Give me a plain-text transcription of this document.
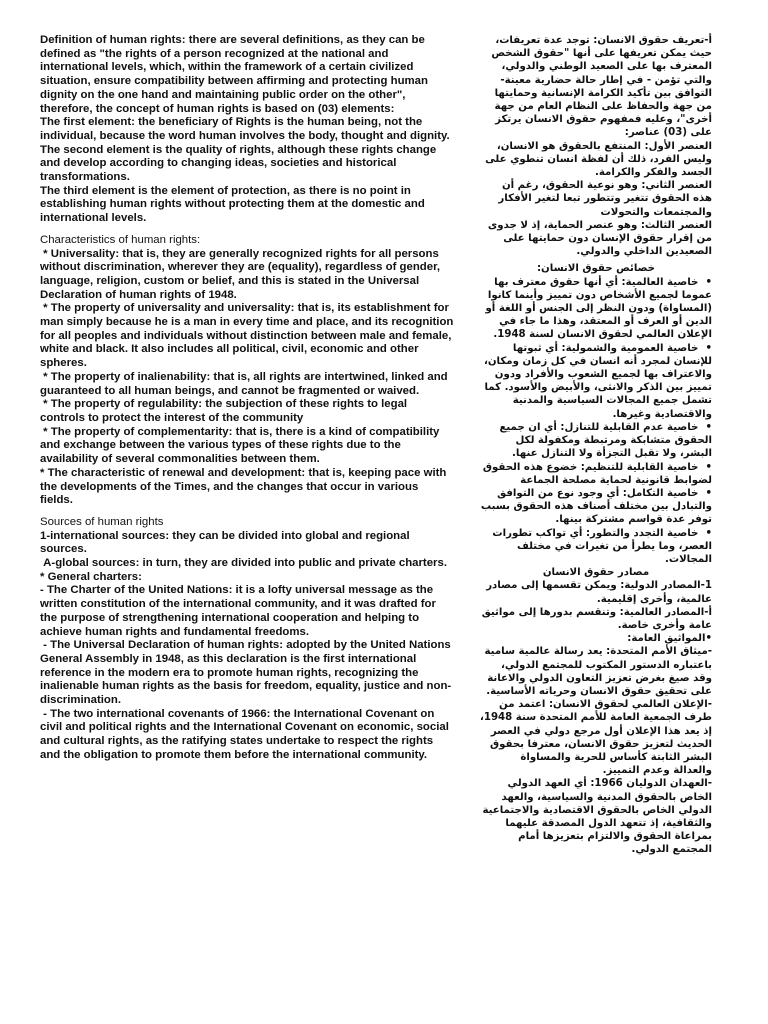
Definition of human rights: there are several definitions, as they can be defined as "the rights of a person recognized at the national and international levels, which, within the framework of a certain civilized situation, ensure compatibility between affirming and protecting human dignity on the one hand and maintaining public order on the other", therefore, the concept of human rights is based on (03) elements:

The first element: the beneficiary of Rights is the human being, not the individual, because the word human involves the body, thought and dignity.

The second element is the quality of rights, although these rights change and develop according to changing ideas, societies and historical transformations.

The third element is the element of protection, as there is no point in establishing human rights without protecting them at the domestic and international levels.

Characteristics of human rights:

* Universality: that is, they are generally recognized rights for all persons without discrimination, wherever they are (equality), regardless of gender, language, religion, custom or belief, and this is stated in the Universal Declaration of human rights of 1948.

* The property of universality and universality: that is, its establishment for man simply because he is a man in every time and place, and its recognition for all peoples and individuals without distinction between male and female, white and black. It also includes all political, civil, economic and other spheres.

* The property of inalienability: that is, all rights are intertwined, linked and guaranteed to all human beings, and cannot be fragmented or waived.

* The property of regulability: the subjection of these rights to legal controls to protect the interest of the community

* The property of complementarity: that is, there is a kind of compatibility and exchange between the various types of these rights due to the availability of several commonalities between them.

* The characteristic of renewal and development: that is, keeping pace with the developments of the Times, and the changes that occur in various fields.

Sources of human rights

1-international sources: they can be divided into global and regional sources.

A-global sources: in turn, they are divided into public and private charters.

* General charters:

- The Charter of the United Nations: it is a lofty universal message as the written constitution of the international community, and it was drafted for the purpose of strengthening international cooperation and helping to achieve human rights and fundamental freedoms.

- The Universal Declaration of human rights: adopted by the United Nations General Assembly in 1948, as this declaration is the first international reference in the modern era to promote human rights, recognizing the inalienable human rights as the basis for freedom, equality, justice and non-discrimination.

- The two international covenants of 1966: the International Covenant on civil and political rights and the International Covenant on economic, social and cultural rights, as the ratifying states undertake to respect the rights and the obligation to promote them before the international community.

أ-تعريف حقوق الانسان: توجد عدة تعريفات، حيث يمكن تعريفها على أنها "حقوق الشخص المعترف بها على الصعيد الوطني والدولي، والتي تؤمن - في إطار حالة حضارية معينة- التوافق بين تأكيد الكرامة الإنسانية وحمايتها من جهة والحفاظ على النظام العام من جهة أخرى"، وعليه فمفهوم حقوق الانسان يرتكز على (03) عناصر:

العنصر الأول: المنتفع بالحقوق هو الانسان، وليس الفرد، ذلك أن لفظة انسان تنطوي على الجسد والفكر والكرامة.

العنصر الثاني: وهو نوعية الحقوق، رغم أن هذه الحقوق تتغير وتتطور تبعا لتغير الأفكار والمجتمعات والتحولات

العنصر الثالث: وهو عنصر الحماية، إذ لا جدوى من إقرار حقوق الإنسان دون حمايتها على الصعيدين الداخلي والدولي.

خصائص حقوق الانسان:

•  خاصية العالمية: أي أنها حقوق معترف بها عموما لجميع الأشخاص دون تمييز وأينما كانوا (المساواة) ودون النظر إلى الجنس أو اللغة أو الدين أو العرف أو المعتقد، وهذا ما جاء في الإعلان العالمي لحقوق الانسان لسنة 1948.

•  خاصية العمومية والشمولية: أي ثبوتها للإنسان لمجرد أنه انسان في كل زمان ومكان، والاعتراف بها لجميع الشعوب والأفراد ودون تمييز بين الذكر والانثى، والأبيض والأسود. كما تشمل جميع المجالات السياسية والمدنية والاقتصادية وغيرها.

•  خاصية عدم القابلية للتنازل: أي ان جميع الحقوق متشابكة ومرتبطة ومكفولة لكل البشر، ولا تقبل التجزأة ولا التنازل عنها.

•  خاصية القابلية للتنظيم: خضوع هذه الحقوق لضوابط قانونية لحماية مصلحة الجماعة

•  خاصية التكامل: أي وجود نوع من التوافق والتبادل بين مختلف أصناف هذه الحقوق بسبب توفر عدة قواسم مشتركة بينها.

•  خاصية التجدد والتطور: أي تواكب تطورات العصر، وما يطرأ من تغيرات في مختلف المجالات.

مصادر حقوق الانسان

1-المصادر الدولية: ويمكن تقسمها إلى مصادر عالمية، وأخرى إقليمية.

أ-المصادر العالمية: وتنقسم بدورها إلى مواثيق عامة وأخرى خاصة.

•المواثيق العامة:

-ميثاق الأمم المتحدة: يعد رسالة عالمية سامية باعتباره الدستور المكتوب للمجتمع الدولي، وقد صيغ بغرض تعزيز التعاون الدولي والاعانة على تحقيق حقوق الانسان وحرياته الأساسية.

-الإعلان العالمي لحقوق الانسان: اعتمد من طرف الجمعية العامة للأمم المتحدة سنة 1948، إذ يعد هذا الإعلان أول مرجع دولي في العصر الحديث لتعزيز حقوق الانسان، معترفا بحقوق البشر الثابتة كأساس للحرية والمساواة والعدالة وعدم التمييز.

-العهدان الدوليان 1966: أي العهد الدولي الخاص بالحقوق المدنية والسياسية، والعهد الدولي الخاص بالحقوق الاقتصادية والاجتماعية والثقافية، إذ تتعهد الدول المصدقة عليهما بمراعاة الحقوق والالتزام بتعزيزها أمام المجتمع الدولي.
